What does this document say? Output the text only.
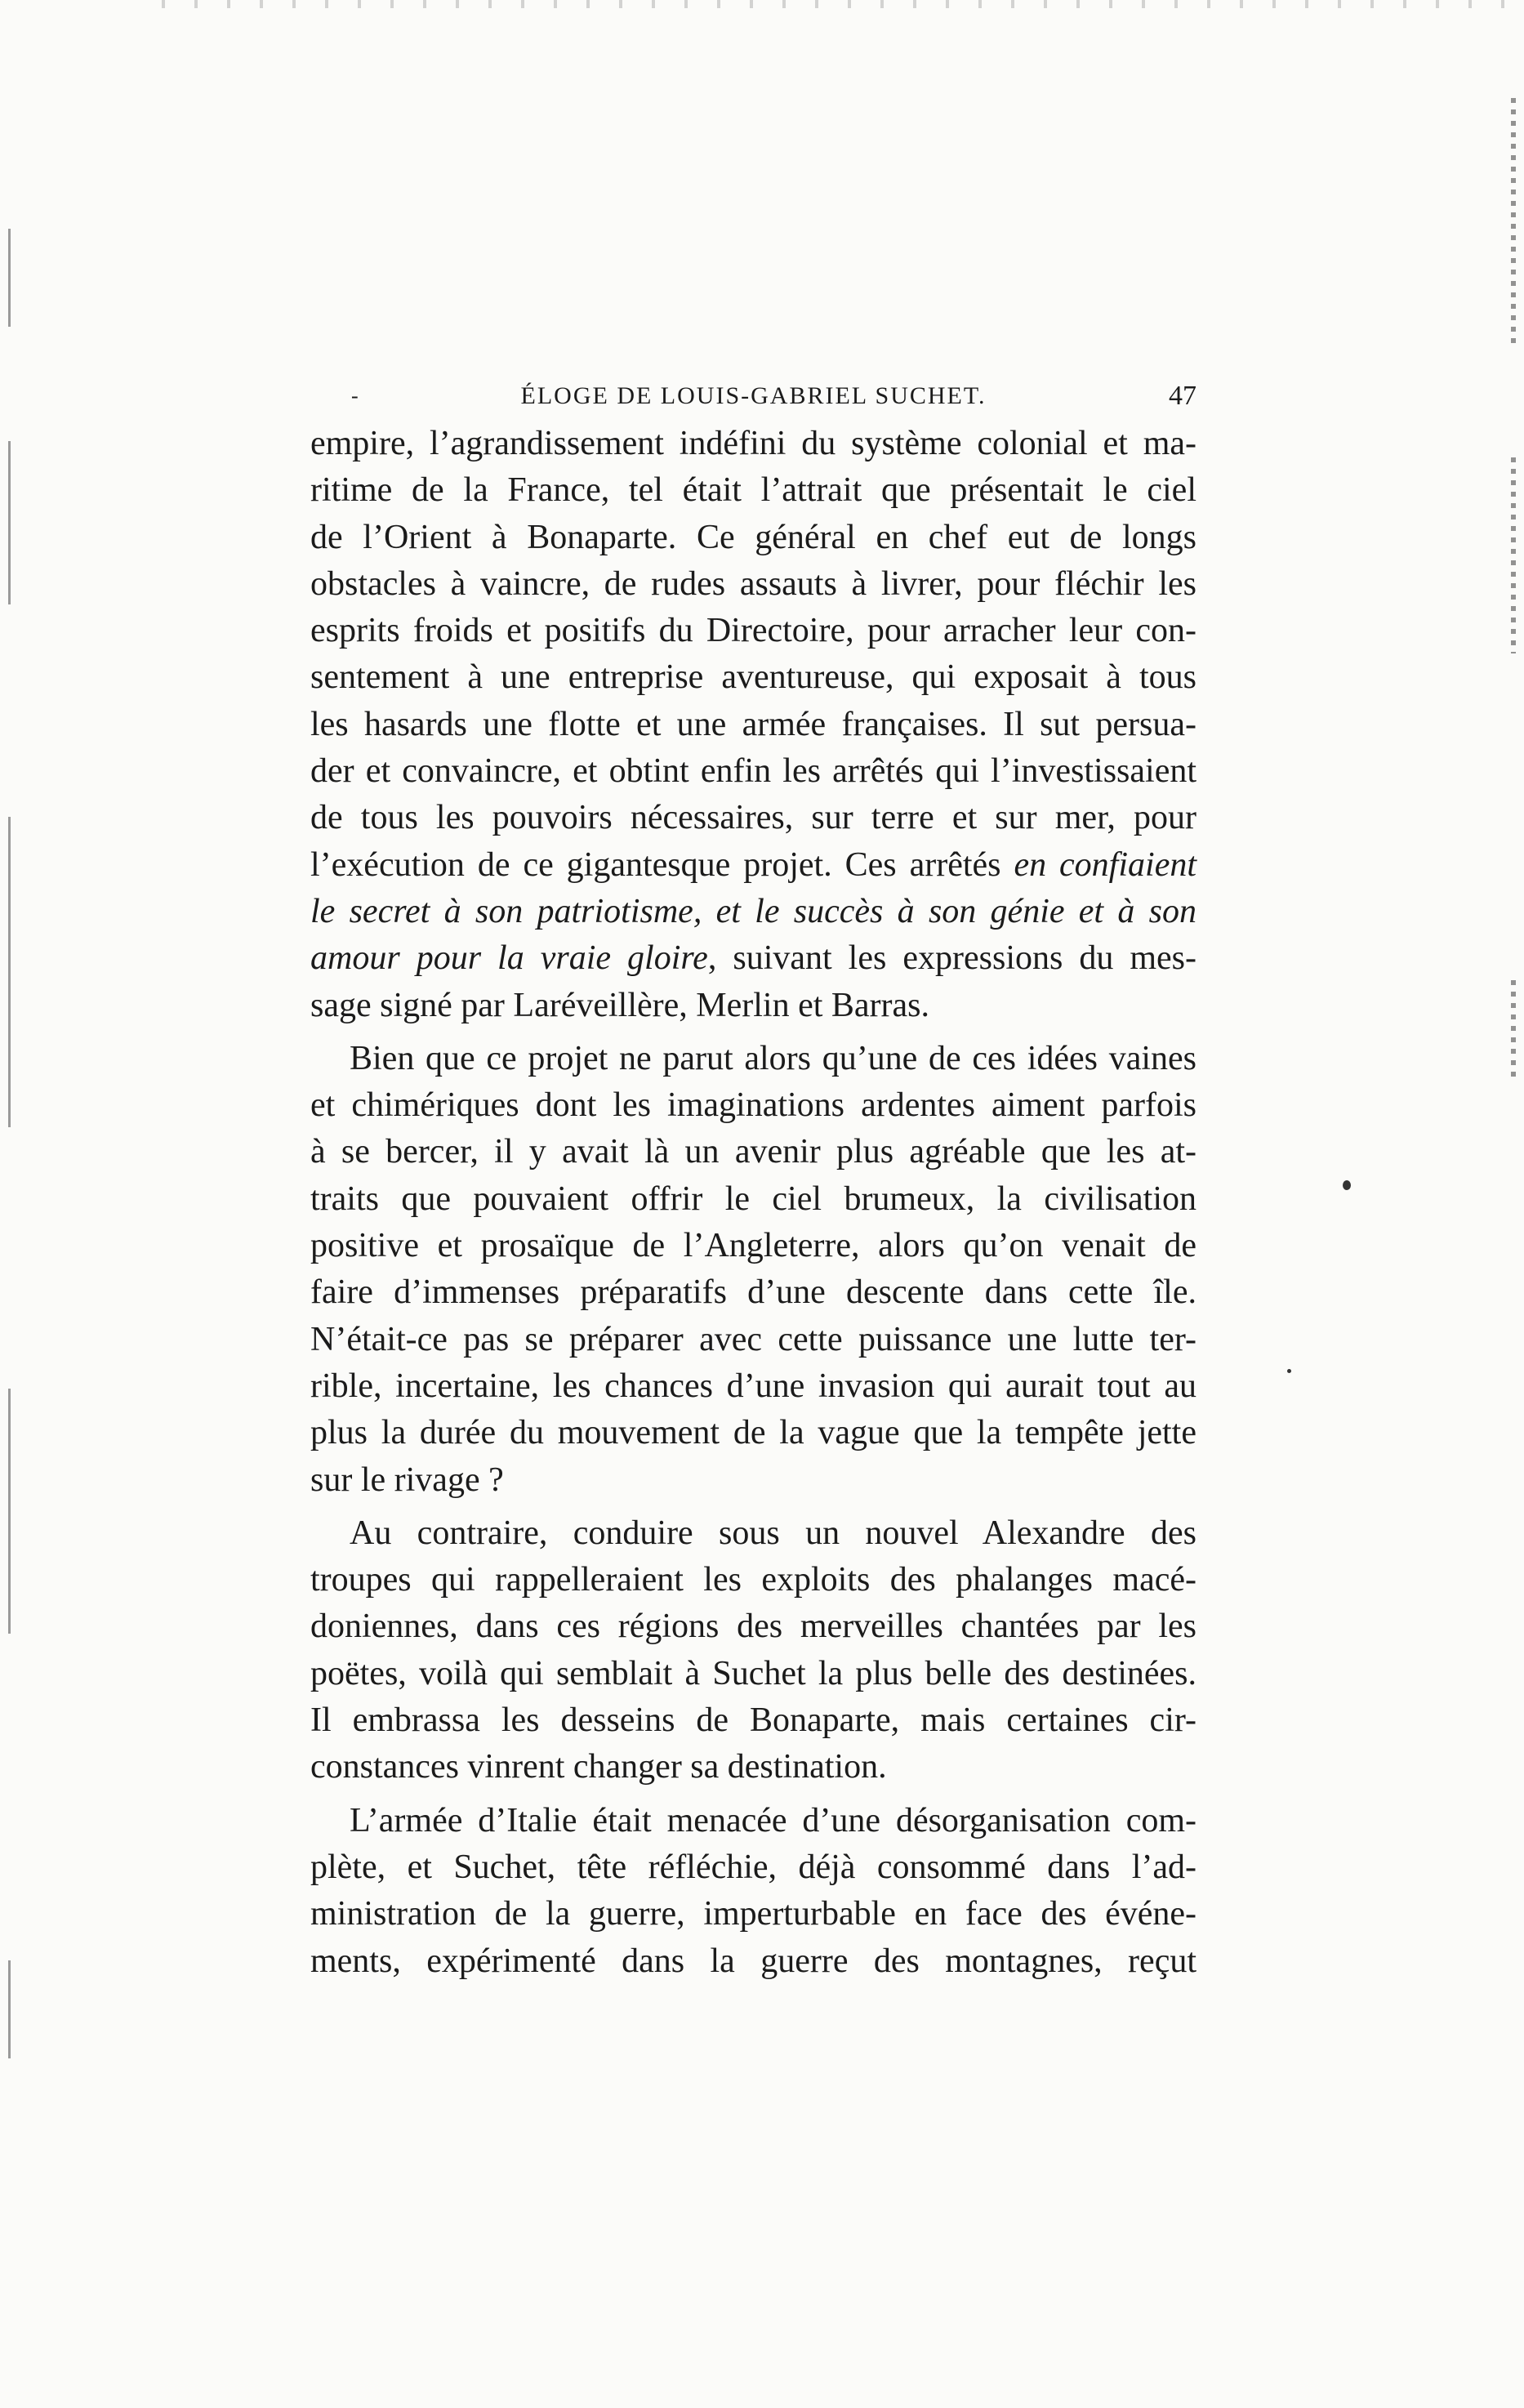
-	ÉLOGE DE LOUIS-GABRIEL SUCHET.	47
empire, l’agrandissement indéfini du système colonial et ma-
ritime de la France, tel était l’attrait que présentait le ciel
de l’Orient à Bonaparte. Ce général en chef eut de longs
obstacles à vaincre, de rudes assauts à livrer, pour fléchir les
esprits froids et positifs du Directoire, pour arracher leur con-
sentement à une entreprise aventureuse, qui exposait à tous
les hasards une flotte et une armée françaises. Il sut persua-
der et convaincre, et obtint enfin les arrêtés qui l’investissaient
de tous les pouvoirs nécessaires, sur terre et sur mer, pour
l’exécution de ce gigantesque projet. Ces arrêtés en confiaient
le secret à son patriotisme, et le succès à son génie et à son
amour pour la vraie gloire, suivant les expressions du mes-
sage signé par Laréveillère, Merlin et Barras.
Bien que ce projet ne parut alors qu’une de ces idées vaines
et chimériques dont les imaginations ardentes aiment parfois
à se bercer, il y avait là un avenir plus agréable que les at-
traits que pouvaient offrir le ciel brumeux, la civilisation
positive et prosaïque de l’Angleterre, alors qu’on venait de
faire d’immenses préparatifs d’une descente dans cette île.
N’était-ce pas se préparer avec cette puissance une lutte ter-
rible, incertaine, les chances d’une invasion qui aurait tout au
plus la durée du mouvement de la vague que la tempête jette
sur le rivage ?
Au contraire, conduire sous un nouvel Alexandre des
troupes qui rappelleraient les exploits des phalanges macé-
doniennes, dans ces régions des merveilles chantées par les
poëtes, voilà qui semblait à Suchet la plus belle des destinées.
Il embrassa les desseins de Bonaparte, mais certaines cir-
constances vinrent changer sa destination.
L’armée d’Italie était menacée d’une désorganisation com-
plète, et Suchet, tête réfléchie, déjà consommé dans l’ad-
ministration de la guerre, imperturbable en face des événe-
ments, expérimenté dans la guerre des montagnes, reçut
